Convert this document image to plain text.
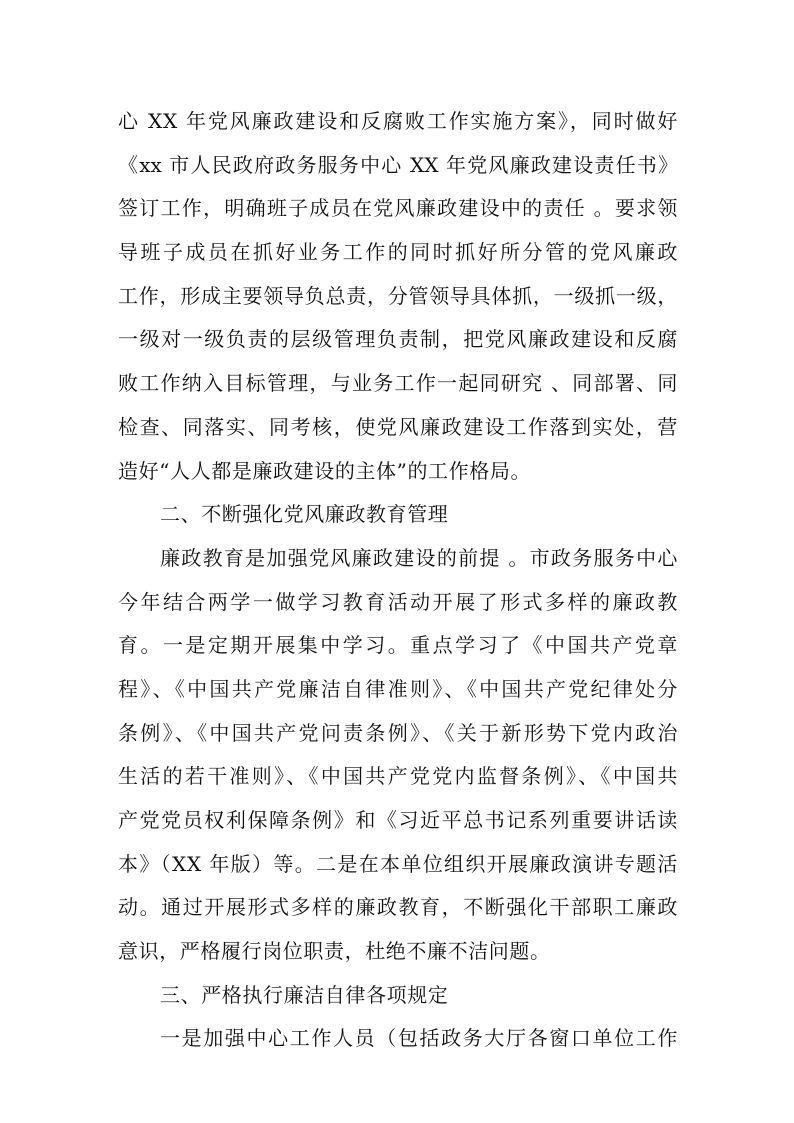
心 XX 年党风廉政建设和反腐败工作实施方案》，同时做好
《xx 市人民政府政务服务中心 XX 年党风廉政建设责任书》
签订工作，明确班子成员在党风廉政建设中的责任 。要求领
导班子成员在抓好业务工作的同时抓好所分管的党风廉政
工作，形成主要领导负总责，分管领导具体抓，一级抓一级，
一级对一级负责的层级管理负责制，把党风廉政建设和反腐
败工作纳入目标管理，与业务工作一起同研究 、同部署、同
检查、同落实、同考核，使党风廉政建设工作落到实处，营
造好“人人都是廉政建设的主体”的工作格局。
二、不断强化党风廉政教育管理
廉政教育是加强党风廉政建设的前提 。市政务服务中心
今年结合两学一做学习教育活动开展了形式多样的廉政教
育。一是定期开展集中学习。重点学习了《中国共产党章
程》、《中国共产党廉洁自律准则》、《中国共产党纪律处分
条例》、《中国共产党问责条例》、《关于新形势下党内政治
生活的若干准则》、《中国共产党党内监督条例》、《中国共
产党党员权利保障条例》和《习近平总书记系列重要讲话读
本》（XX 年版）等。二是在本单位组织开展廉政演讲专题活
动。通过开展形式多样的廉政教育，不断强化干部职工廉政
意识，严格履行岗位职责，杜绝不廉不洁问题。
三、严格执行廉洁自律各项规定
一是加强中心工作人员（包括政务大厅各窗口单位工作
